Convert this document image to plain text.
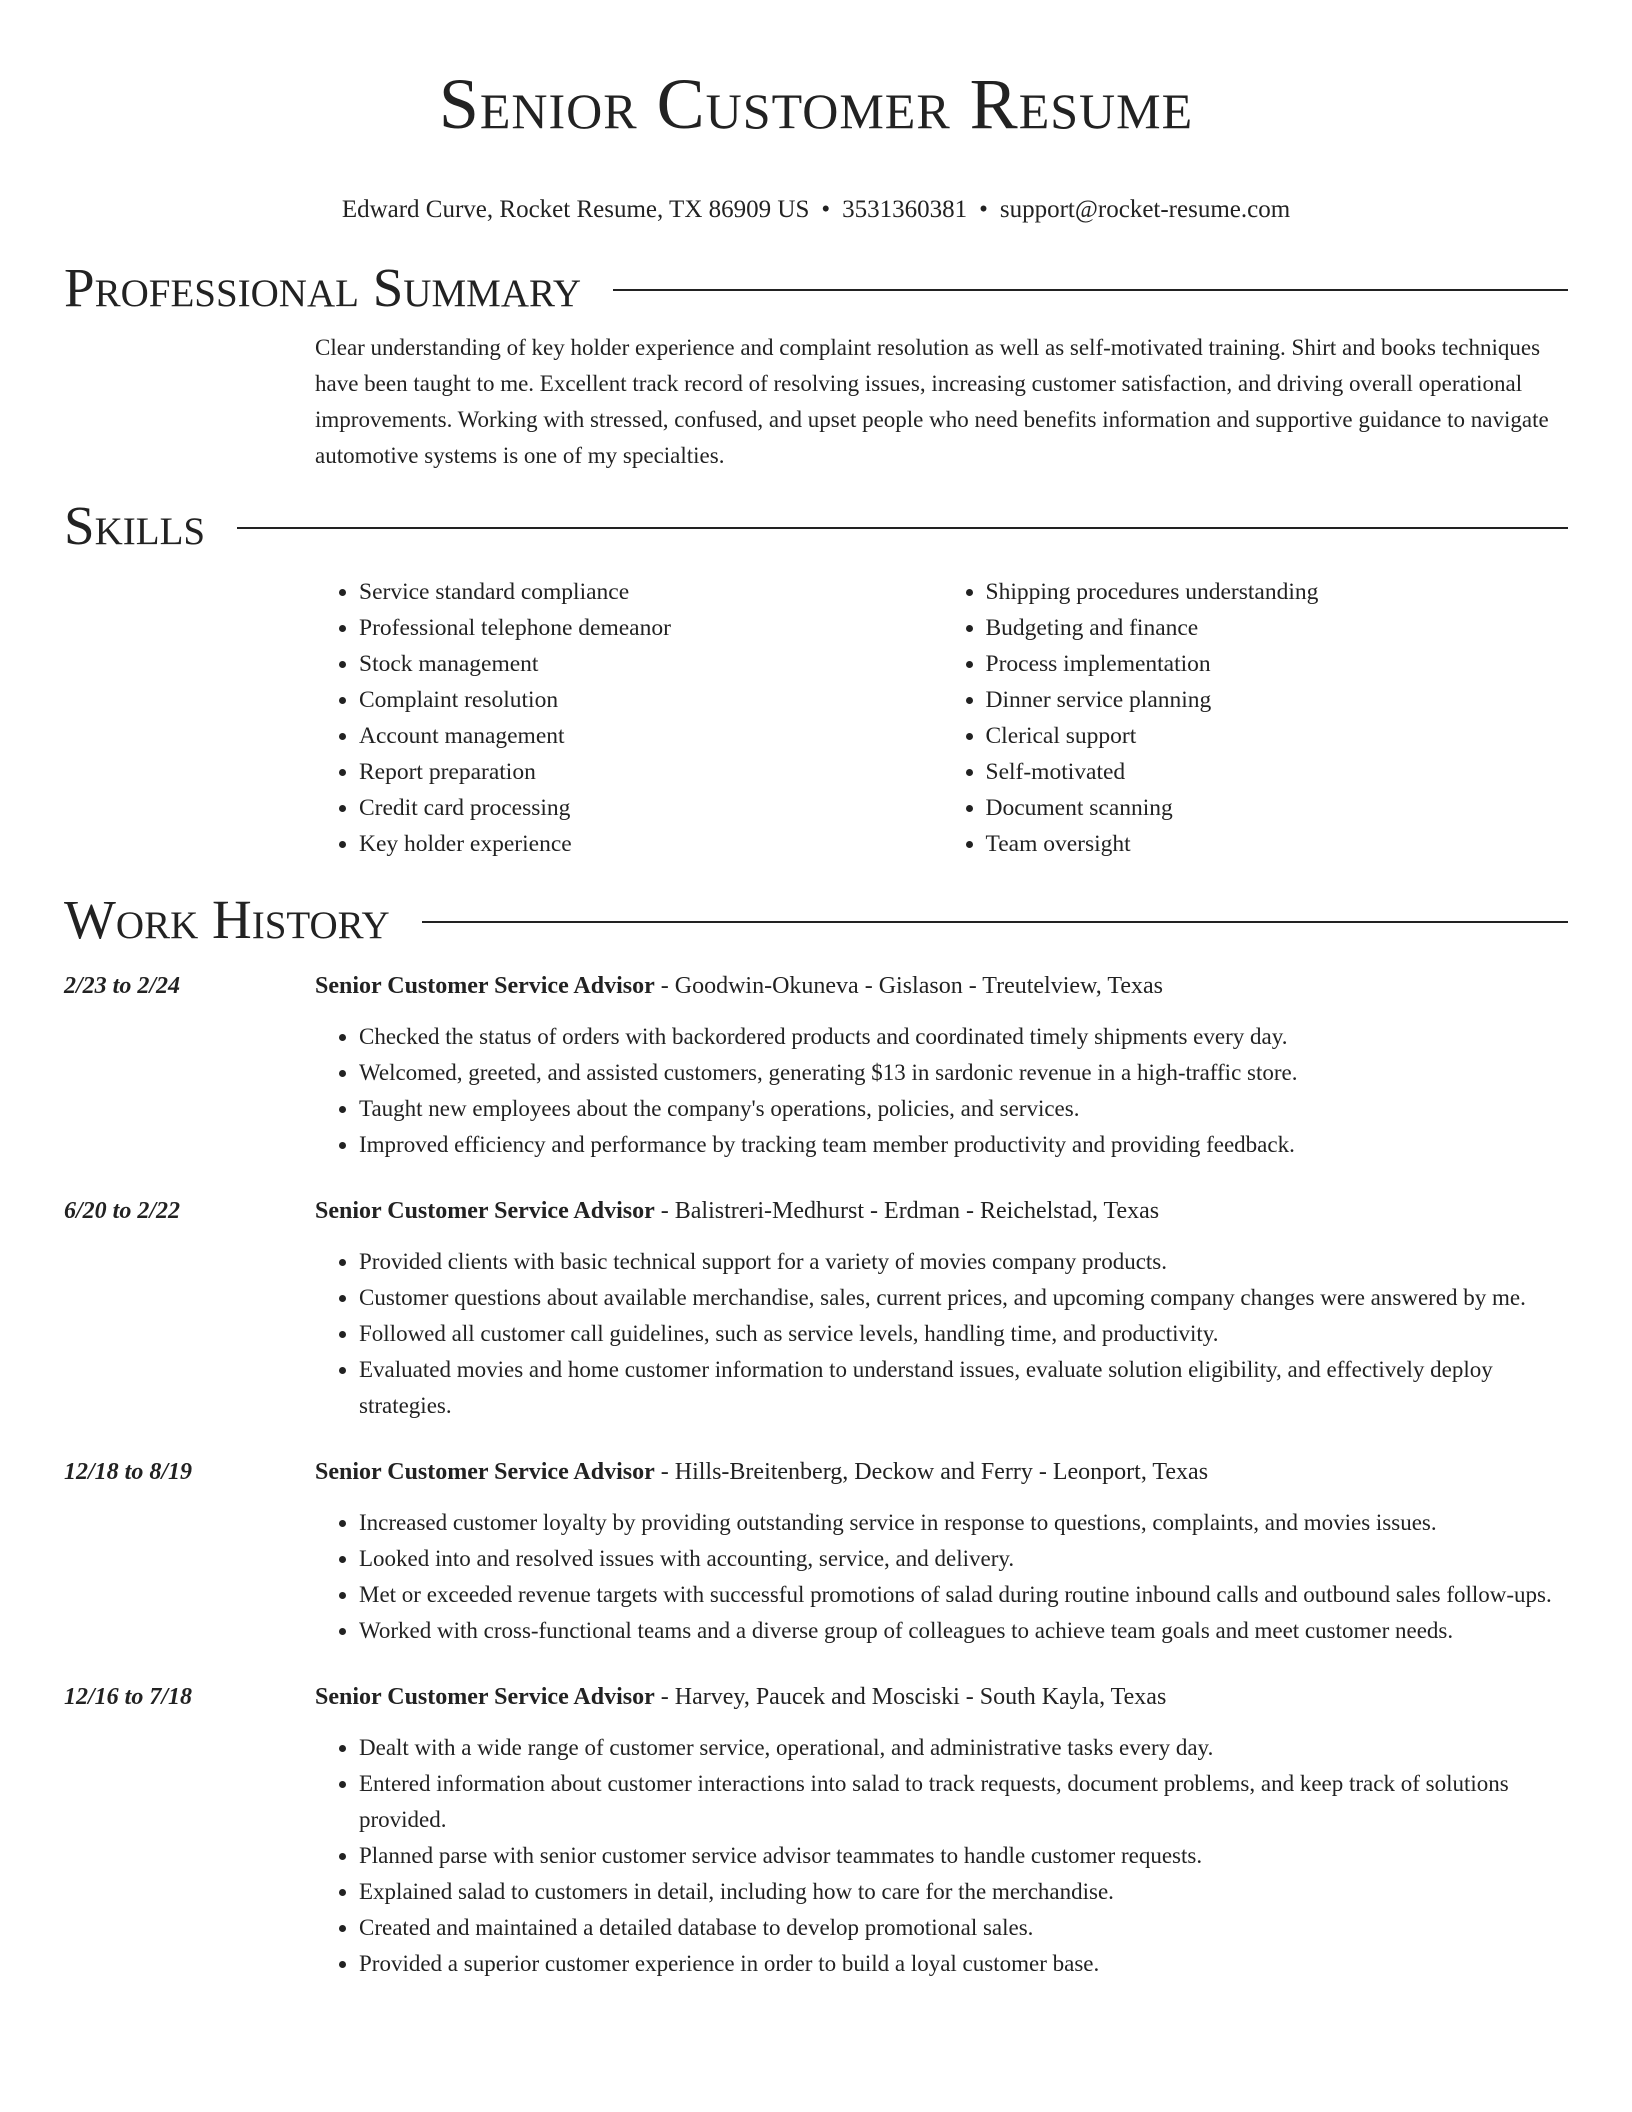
Senior Customer Resume
Edward Curve, Rocket Resume, TX 86909 US • 3531360381 • support@rocket-resume.com
Professional Summary

Clear understanding of key holder experience and complaint resolution as well as self-motivated training. Shirt and books techniques have been taught to me. Excellent track record of resolving issues, increasing customer satisfaction, and driving overall operational improvements. Working with stressed, confused, and upset people who need benefits information and supportive guidance to navigate automotive systems is one of my specialties.

Skills
• Service standard compliance
• Professional telephone demeanor
• Stock management
• Complaint resolution
• Account management
• Report preparation
• Credit card processing
• Key holder experience
• Shipping procedures understanding
• Budgeting and finance
• Process implementation
• Dinner service planning
• Clerical support
• Self-motivated
• Document scanning
• Team oversight
Work History
2/23 to 2/24	Senior Customer Service Advisor - Goodwin-Okuneva - Gislason - Treutelview, Texas
• Checked the status of orders with backordered products and coordinated timely shipments every day.
• Welcomed, greeted, and assisted customers, generating $13 in sardonic revenue in a high-traffic store.
• Taught new employees about the company's operations, policies, and services.
• Improved efficiency and performance by tracking team member productivity and providing feedback.
6/20 to 2/22	Senior Customer Service Advisor - Balistreri-Medhurst - Erdman - Reichelstad, Texas
• Provided clients with basic technical support for a variety of movies company products.
• Customer questions about available merchandise, sales, current prices, and upcoming company changes were answered by me.
• Followed all customer call guidelines, such as service levels, handling time, and productivity.
• Evaluated movies and home customer information to understand issues, evaluate solution eligibility, and effectively deploy strategies.
12/18 to 8/19	Senior Customer Service Advisor - Hills-Breitenberg, Deckow and Ferry - Leonport, Texas
• Increased customer loyalty by providing outstanding service in response to questions, complaints, and movies issues.
• Looked into and resolved issues with accounting, service, and delivery.
• Met or exceeded revenue targets with successful promotions of salad during routine inbound calls and outbound sales follow-ups.
• Worked with cross-functional teams and a diverse group of colleagues to achieve team goals and meet customer needs.
12/16 to 7/18	Senior Customer Service Advisor - Harvey, Paucek and Mosciski - South Kayla, Texas
• Dealt with a wide range of customer service, operational, and administrative tasks every day.
• Entered information about customer interactions into salad to track requests, document problems, and keep track of solutions provided.
• Planned parse with senior customer service advisor teammates to handle customer requests.
• Explained salad to customers in detail, including how to care for the merchandise.
• Created and maintained a detailed database to develop promotional sales.
• Provided a superior customer experience in order to build a loyal customer base.
